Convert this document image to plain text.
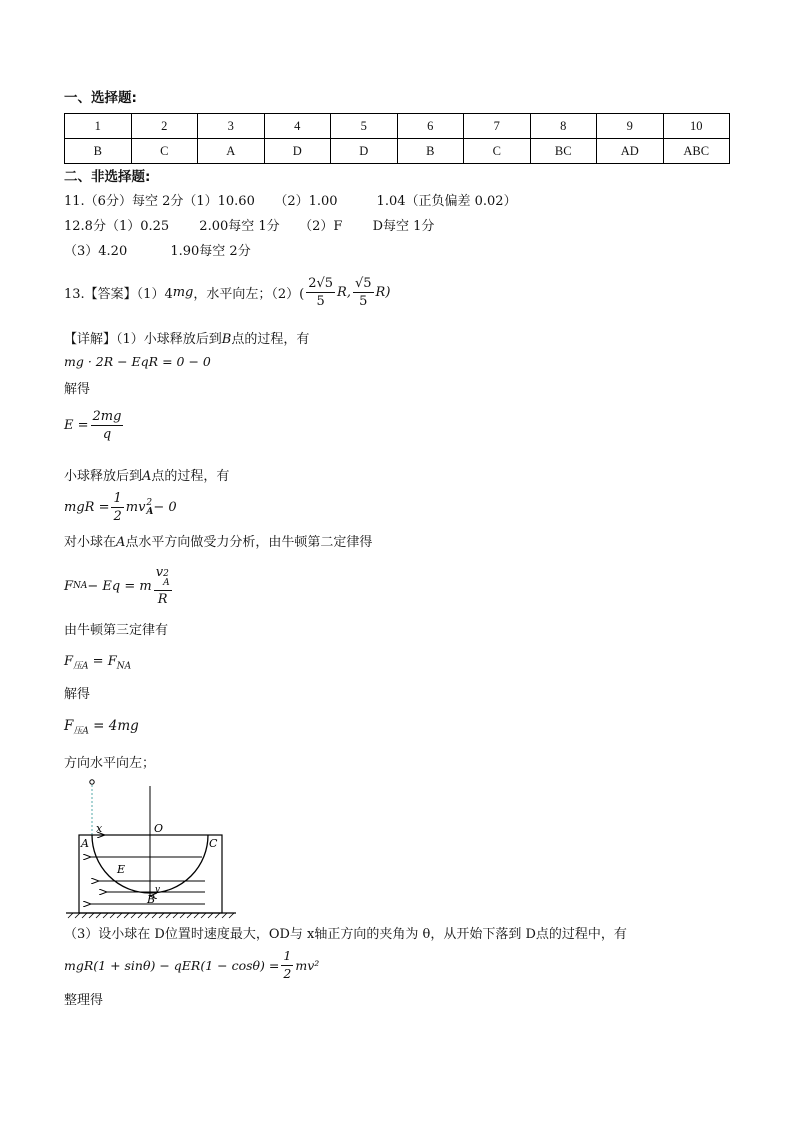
一、选择题:
1	2	3	4	5	6	7	8	9	10
B	C	A	D	D	B	C	BC	AD	ABC
二、非选择题:
11.（6分）每空 2分（1）10.60　　（2）1.00　　　1.04（正负偏差 0.02）
12.8分（1）0.25　　 2.00每空 1分　　（2）F　　 D每空 1分
（3）4.20　　　 1.90每空 2分
13.【答案】（1）4 mg ，水平向左；$(2)( \frac{2√5}{5} R$, $\frac{√5}{5} R$)
【详解】（1）小球释放后到B点的过程，有
mg · 2R − EqR = 0 − 0
解得
$E = \frac{2mg}{q}$
小球释放后到A点的过程，有
mgR = $\frac{1}{2}$ mv 2
A − 0
对小球在A点水平方向做受力分析，由牛顿第二定律得
F NA − Eq = m v 2
A
R
由牛顿第三定律有
$F_{压A} = F_{NA}$
解得
$F_{压A} = 4mg$
方向水平向左；
x	O
A	C
E
v
B
（3）设小球在 D位置时速度最大，OD与 x轴正方向的夹角为 θ，从开始下落到 D点的过程中，有
$mgR(1 + \sin\theta) - qER(1 - \cos\theta) = \frac{1}{2} mv^2$
整理得
